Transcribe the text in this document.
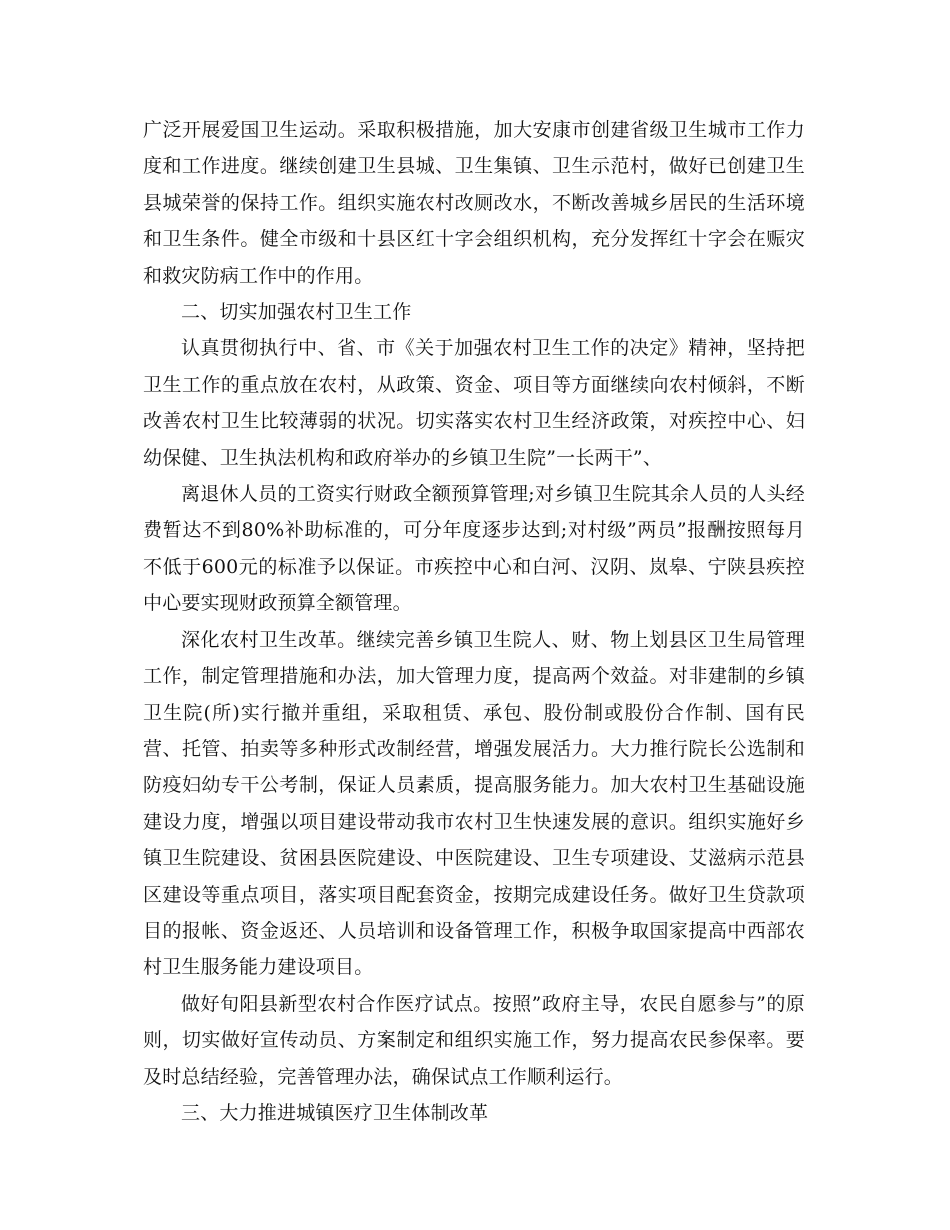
广泛开展爱国卫生运动。采取积极措施，加大安康市创建省级卫生城市工作力度和工作进度。继续创建卫生县城、卫生集镇、卫生示范村，做好已创建卫生县城荣誉的保持工作。组织实施农村改厕改水，不断改善城乡居民的生活环境和卫生条件。健全市级和十县区红十字会组织机构，充分发挥红十字会在赈灾和救灾防病工作中的作用。

二、切实加强农村卫生工作

认真贯彻执行中、省、市《关于加强农村卫生工作的决定》精神，坚持把卫生工作的重点放在农村，从政策、资金、项目等方面继续向农村倾斜，不断改善农村卫生比较薄弱的状况。切实落实农村卫生经济政策，对疾控中心、妇幼保健、卫生执法机构和政府举办的乡镇卫生院”一长两干”、

离退休人员的工资实行财政全额预算管理;对乡镇卫生院其余人员的人头经费暂达不到80%补助标准的，可分年度逐步达到;对村级”两员”报酬按照每月不低于600元的标准予以保证。市疾控中心和白河、汉阴、岚皋、宁陕县疾控中心要实现财政预算全额管理。

深化农村卫生改革。继续完善乡镇卫生院人、财、物上划县区卫生局管理工作，制定管理措施和办法，加大管理力度，提高两个效益。对非建制的乡镇卫生院(所)实行撤并重组，采取租赁、承包、股份制或股份合作制、国有民营、托管、拍卖等多种形式改制经营，增强发展活力。大力推行院长公选制和防疫妇幼专干公考制，保证人员素质，提高服务能力。加大农村卫生基础设施建设力度，增强以项目建设带动我市农村卫生快速发展的意识。组织实施好乡镇卫生院建设、贫困县医院建设、中医院建设、卫生专项建设、艾滋病示范县区建设等重点项目，落实项目配套资金，按期完成建设任务。做好卫生贷款项目的报帐、资金返还、人员培训和设备管理工作，积极争取国家提高中西部农村卫生服务能力建设项目。

做好旬阳县新型农村合作医疗试点。按照”政府主导，农民自愿参与”的原则，切实做好宣传动员、方案制定和组织实施工作，努力提高农民参保率。要及时总结经验，完善管理办法，确保试点工作顺利运行。

三、大力推进城镇医疗卫生体制改革
